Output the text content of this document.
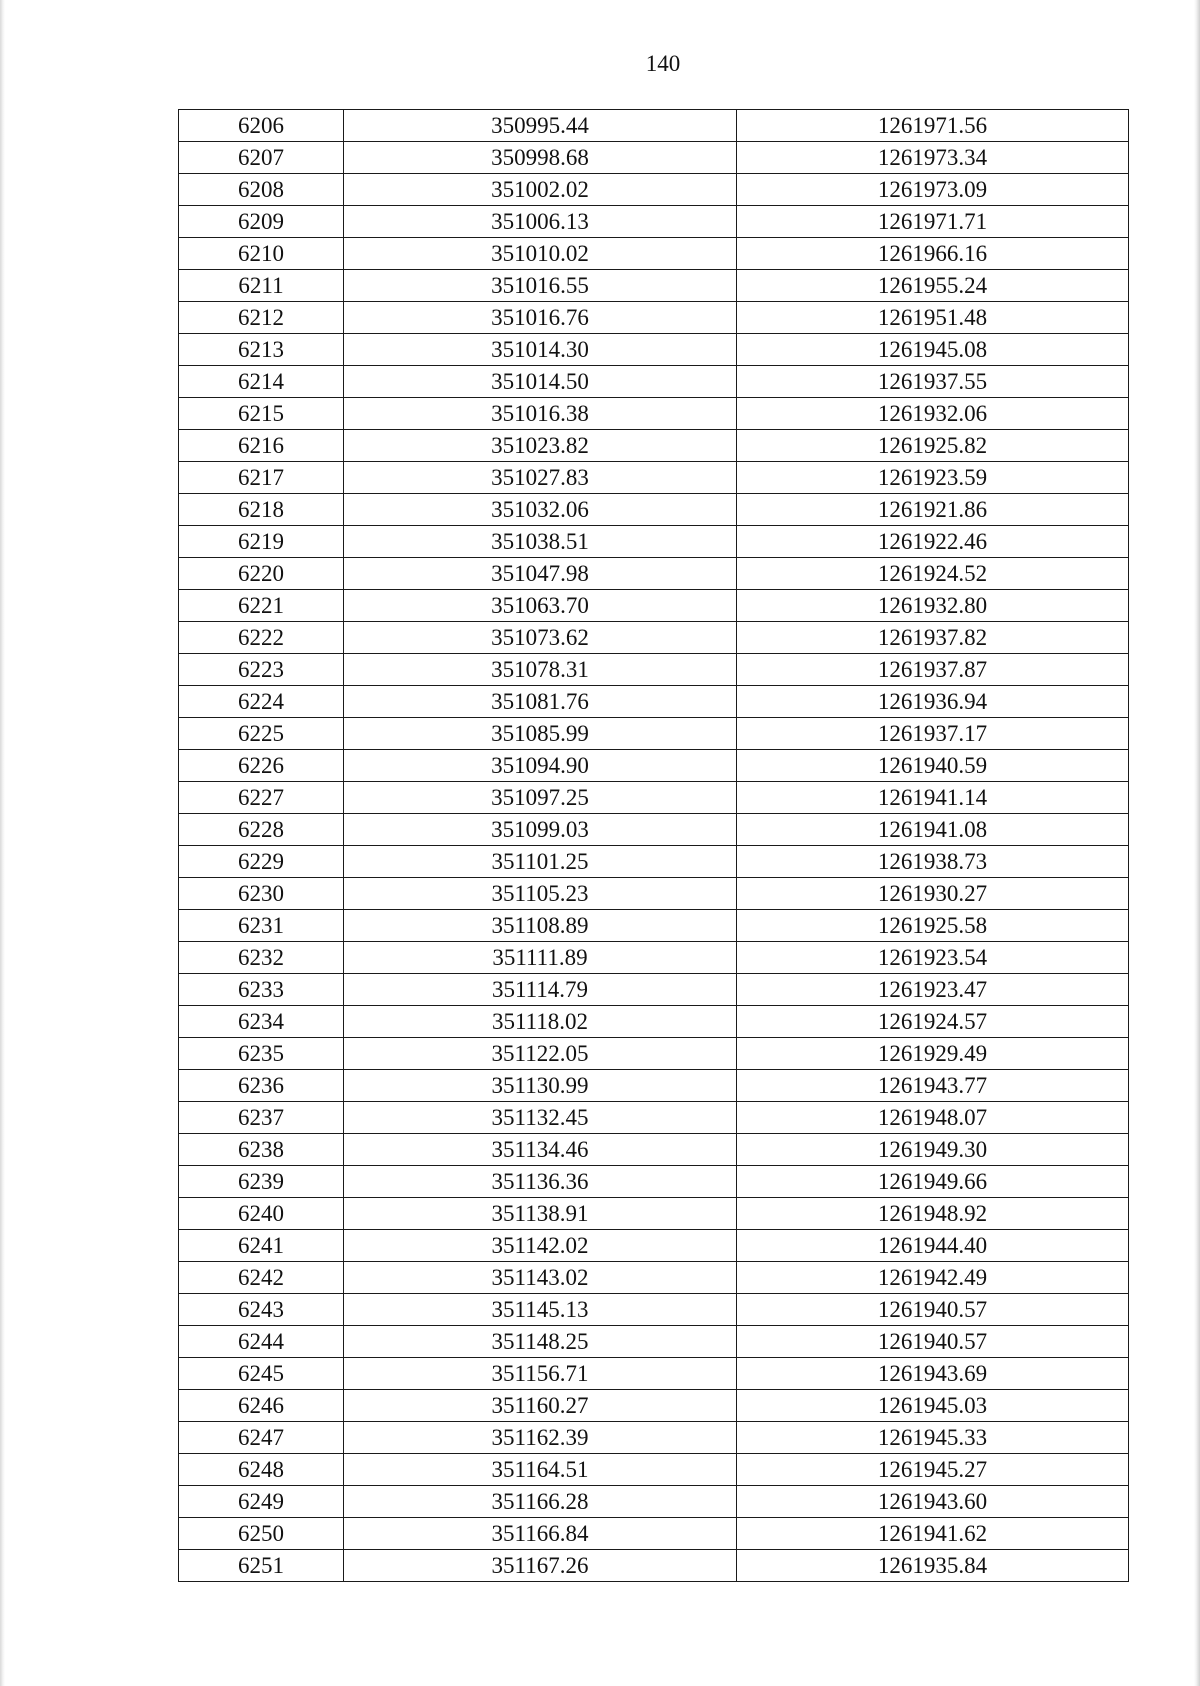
140
6206	350995.44	1261971.56
6207	350998.68	1261973.34
6208	351002.02	1261973.09
6209	351006.13	1261971.71
6210	351010.02	1261966.16
6211	351016.55	1261955.24
6212	351016.76	1261951.48
6213	351014.30	1261945.08
6214	351014.50	1261937.55
6215	351016.38	1261932.06
6216	351023.82	1261925.82
6217	351027.83	1261923.59
6218	351032.06	1261921.86
6219	351038.51	1261922.46
6220	351047.98	1261924.52
6221	351063.70	1261932.80
6222	351073.62	1261937.82
6223	351078.31	1261937.87
6224	351081.76	1261936.94
6225	351085.99	1261937.17
6226	351094.90	1261940.59
6227	351097.25	1261941.14
6228	351099.03	1261941.08
6229	351101.25	1261938.73
6230	351105.23	1261930.27
6231	351108.89	1261925.58
6232	351111.89	1261923.54
6233	351114.79	1261923.47
6234	351118.02	1261924.57
6235	351122.05	1261929.49
6236	351130.99	1261943.77
6237	351132.45	1261948.07
6238	351134.46	1261949.30
6239	351136.36	1261949.66
6240	351138.91	1261948.92
6241	351142.02	1261944.40
6242	351143.02	1261942.49
6243	351145.13	1261940.57
6244	351148.25	1261940.57
6245	351156.71	1261943.69
6246	351160.27	1261945.03
6247	351162.39	1261945.33
6248	351164.51	1261945.27
6249	351166.28	1261943.60
6250	351166.84	1261941.62
6251	351167.26	1261935.84
